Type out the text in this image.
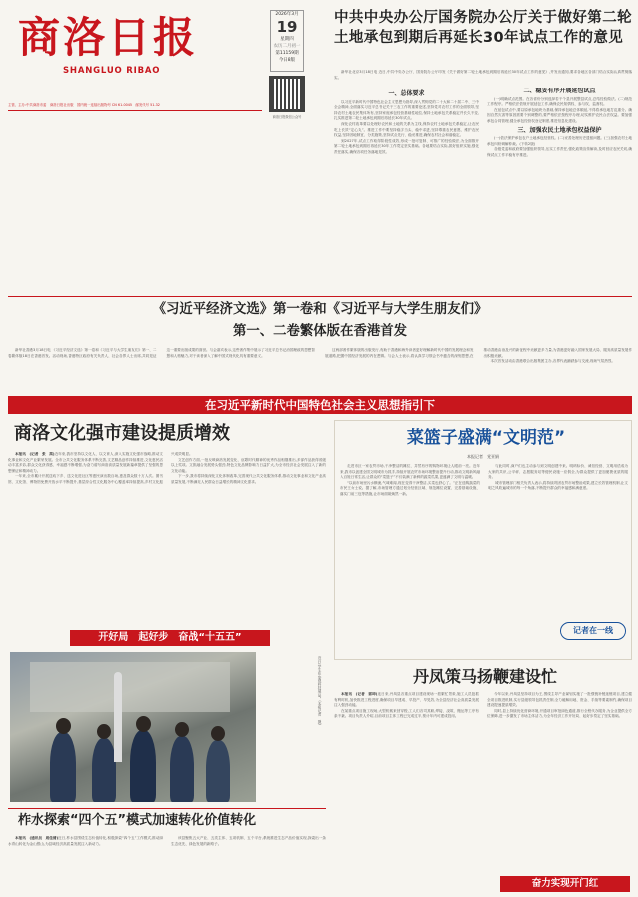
商洛日报
SHANGLUO RIBAO
2026年3月
19
星期四
农历二月初一
第11159期
今日8版
商洛日报微信公众号
主管、主办:中共商洛市委　商洛日报社出版　国内统一连续出版物号 CN 61-0045　邮发代号 51-32
中共中央办公厅国务院办公厅关于做好第二轮土地承包到期后再延长30年试点工作的意见

新华社北京3月18日电 近日,中共中央办公厅、国务院办公厅印发《关于做好第二轮土地承包到期后再延长30年试点工作的意见》,并发出通知,要求各地区各部门结合实际认真贯彻落实。

一、总体要求

以习近平新时代中国特色社会主义思想为指导,深入贯彻党的二十大和二十届二中、三中全会精神,全面落实习近平总书记关于三农工作的重要论述,坚持党对农村工作的全面领导,坚持农村土地农民集体所有,坚持家庭承包经营基础性地位,保持土地承包关系稳定并长久不变,扎实推进第二轮土地承包到期后再延长30年试点。

深化农村改革要以处理好农民和土地的关系为主线,保持农村土地承包关系稳定,让农民吃上长效“定心丸”。推进工作中要坚持稳字当头、稳中求进,坚持尊重农民意愿、维护农民权益,坚持因地制宜、分类施策,坚持试点先行、稳妥推进,确保农村社会和谐稳定。

到2027年,试点工作取得阶段性成效,形成一批可复制、可推广的经验做法,为全面推开第二轮土地承包到期后再延长30年工作奠定坚实基础。各地要结合实际,抓好组织实施,强化责任落实,确保各项任务落地见效。

二、稳妥有序开展延包试点

(一)明确试点范围。在各省份分别选择若干个县开展整县试点,总结经验做法。(二)规范工作程序。严格依法依规开展延包工作,确保农民知情权、参与权、监督权。

在延包试点中,要以原承包地块为基础,保持承包地总体顺延,不得将承包地打乱重分。确因自然灾害等原因需要个别调整的,要严格依法按程序办理,切实维护农民合法权益。要加强承包合同管理,健全承包经营权登记制度,推进信息化建设。

三、加强农民土地承包权益保护

(一)依法保护承包农户土地承包经营权。(二)妥善处理历史遗留问题。(三)加强农村土地承包纠纷调解仲裁。(下转2版)

各级党委和政府要加强组织领导,压实工作责任,强化政策宣传解读,及时回应农民关切,确保试点工作平稳有序推进。

《习近平经济文选》第一卷和《习近平与大学生朋友们》
第一、二卷繁体版在香港首发

新华社香港3月18日电 《习近平经济文选》第一卷和《习近平与大学生朋友们》第一、二卷繁体版18日在香港首发。活动现场,香港特区政府有关负责人、社会各界人士出席,共同见证这一重要出版成果的面世。与会嘉宾表示,这些著作集中展示了习近平总书记治国理政的思想智慧和人格魅力,对于读者深入了解中国式现代化具有重要意义。

这两部著作繁体版的出版发行,有助于香港和海外读者更好理解新时代中国的发展理念和发展道路,把握中国经济发展的内在逻辑。与会人士表示,将认真学习领会书中蕴含的深刻思想,在推动香港由治及兴的新征程中贡献更多力量,为香港更好融入国家发展大局、服务高质量发展作出积极贡献。

本次首发活动由香港联合出版集团主办,各界代表踊跃参与交流,现场气氛热烈。

在习近平新时代中国特色社会主义思想指引下
商洛文化强市建设提质增效

本报讯　(记者　张　茜)近年来,我市坚持以文化人、以文育人,深入实施文化强市战略,推动文化事业和文化产业繁荣发展。全市公共文化服务体系不断完善,文艺精品创作持续推进,文化惠民活动丰富多彩,群众文化获得感、幸福感不断增强,为奋力谱写商洛高质量发展新篇章提供了坚强的思想保证和精神动力。

一年来,全市累计开展送戏下乡、送文化进社区等惠民演出数百场,惠及群众数十万人次。图书馆、文化馆、博物馆免费开放水平不断提升,基层综合性文化服务中心覆盖率持续提高,乡村文化振兴成效明显。

文艺创作方面,一批反映商洛发展变化、讴歌时代精神的优秀作品相继推出,多部作品获得省级以上奖项。文旅融合发展势头强劲,特色文化品牌影响力日益扩大,为全市经济社会发展注入了新的文化动能。

下一步,我市将持续深化文化体制改革,完善现代公共文化服务体系,推动文化事业和文化产业高质量发展,不断满足人民群众日益增长的精神文化需求。

开好局　起好步　奋战“十五五”
近日,学生在参观科技展品。(本报记者　摄)
柞水探索“四个五”模式加速转化价值转化

本报讯　(通讯员　周佳清)近日,柞水县围绕生态价值转化,积极探索“四个五”工作模式,推动绿水青山转化为金山银山,为县域经济高质量发展注入新动力。

该县聚焦五大产业、五类主体、五项机制、五个平台,系统推进生态产品价值实现,探索出一条生态优先、绿色发展的新路子。

菜篮子盛满“文明范”
本报记者　党亚娟

走进市区一家农贸市场,干净整洁的摊位、井然有序的购物环境让人眼前一亮。近年来,我市以创建全国文明城市为抓手,持续开展农贸市场环境整治提升行动,推动文明新风融入百姓日常生活,让群众的“菜篮子”不仅装满了新鲜的蔬菜瓜果,更盛满了文明与温暖。

“以前市场里污水横流,气味难闻,现在变得干净整洁,买菜也舒心了。”正在选购蔬菜的市民王女士说。据了解,市场管理方通过划分经营区域、规范摊位设置、完善基础设施、落实门前三包等措施,让市场面貌焕然一新。

与此同时,商户们也主动参与到文明创建中来。明码标价、诚信经营、文明用语成为大家的共识,公平秤、志愿服务站等便民设施一应俱全,为群众提供了更加便捷优质的服务。

城市管理部门相关负责人表示,将持续巩固农贸市场整治成果,建立长效管理机制,让文明之风吹遍城市的每一个角落,不断提升群众的幸福感和满意度。

记者在一线
丹凤策马扬鞭建设忙

本报讯　(记者　郭坤)连日来,丹凤县各重点项目建设现场一派繁忙景象,施工人员抢抓有利时机,加快推进工程进度,确保项目早建成、早投产、早见效,为全县经济社会高质量发展注入强劲动能。

在某重点项目施工现场,大型机械来回穿梭,工人们各司其职,焊接、浇筑、搬运等工序有条不紊。项目负责人介绍,目前项目主体工程已完成过半,预计年内可建成投用。

今年以来,丹凤县坚持项目为王,围绕主导产业谋划实施了一批强链补链延链项目,建立健全项目推进机制,实行县级领导包抓责任制,全力破解用地、资金、手续等要素制约,确保项目建设提速提质增效。

同时,县上持续优化营商环境,开通项目审批绿色通道,推行全程代办服务,为企业提供全方位保障,进一步激发了市场主体活力,为全年经济工作开好局、起好步奠定了坚实基础。

奋力实现开门红
